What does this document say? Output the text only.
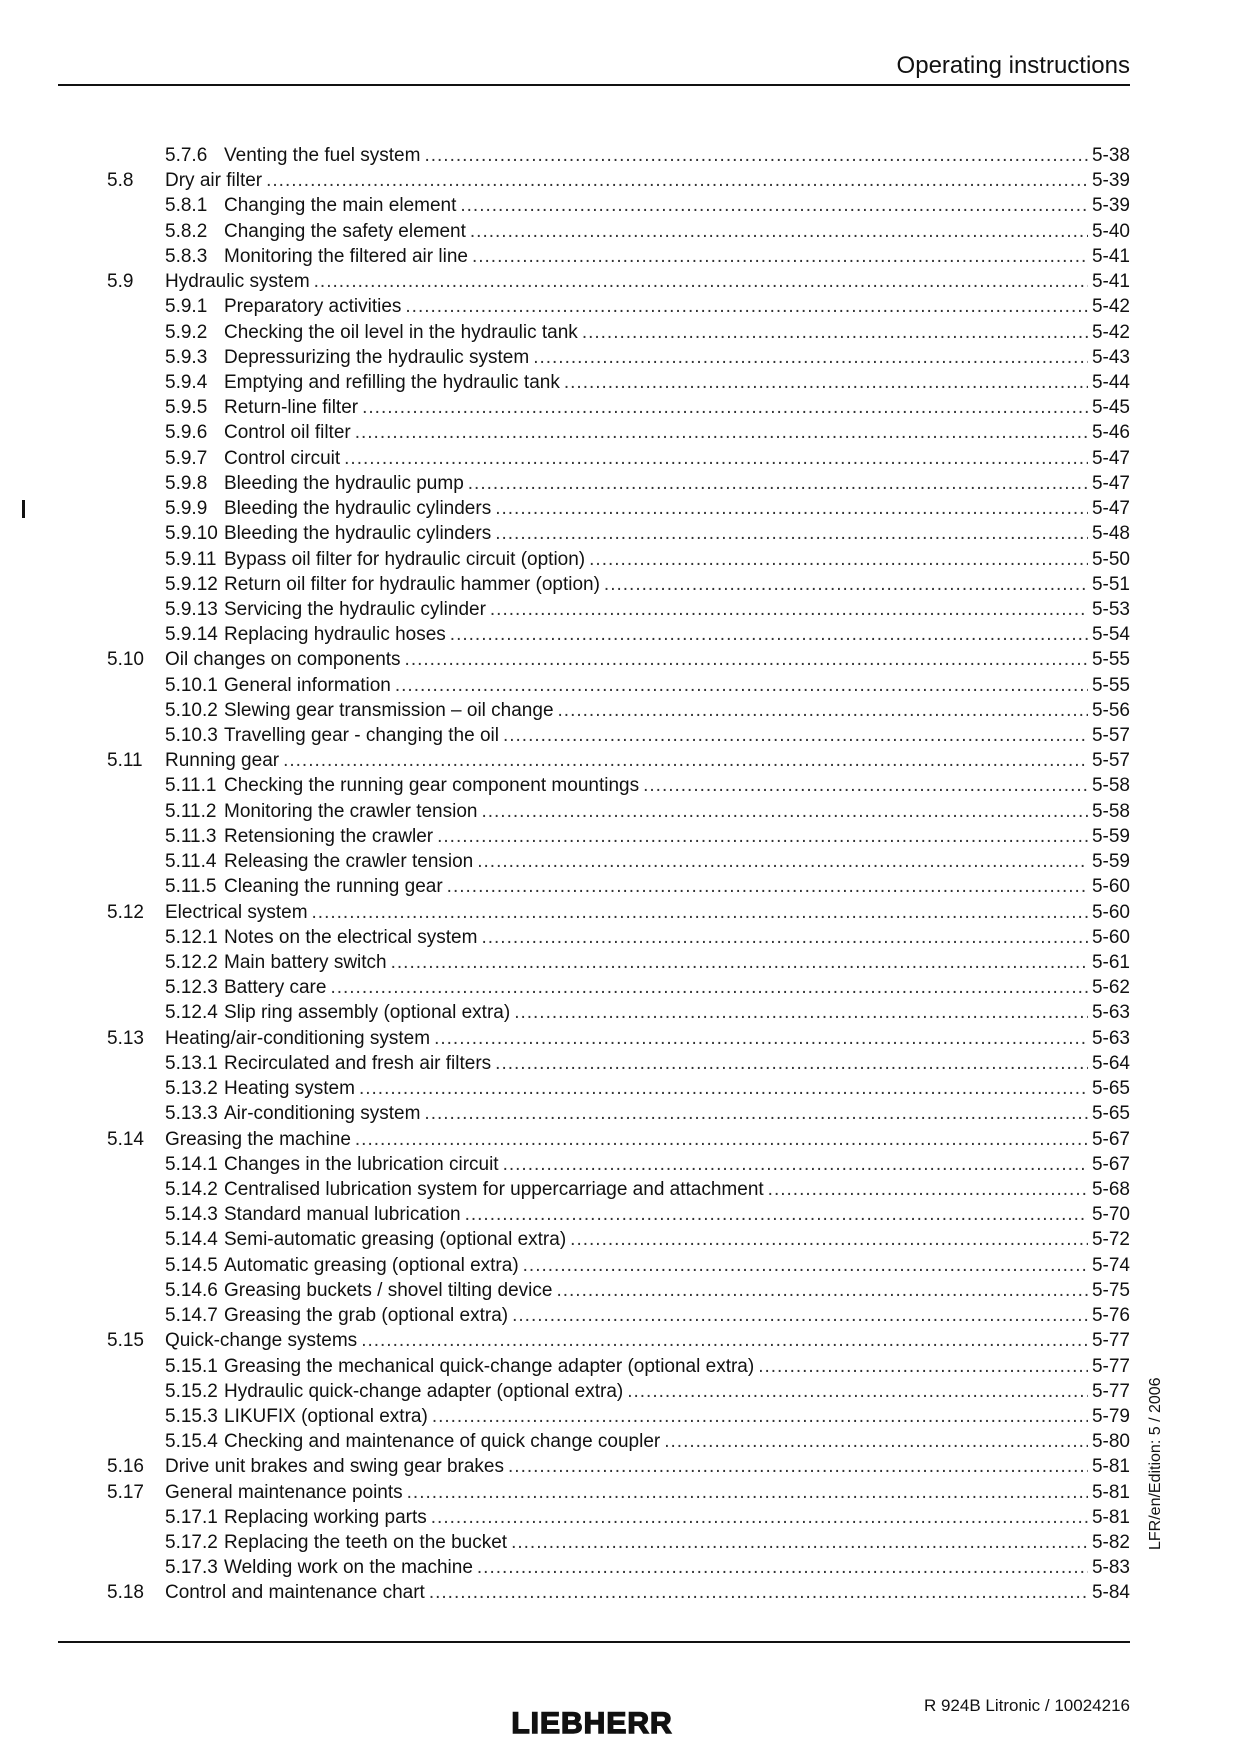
Operating instructions
5.7.6 Venting the fuel system .....	5-38
5.8	Dry air filter .....	5-39
5.8.1 Changing the main element .....	5-39
5.8.2 Changing the safety element .....	5-40
5.8.3 Monitoring the filtered air line .....	5-41
5.9	Hydraulic system .....	5-41
5.9.1 Preparatory activities .....	5-42
5.9.2 Checking the oil level in the hydraulic tank .....	5-42
5.9.3 Depressurizing the hydraulic system .....	5-43
5.9.4 Emptying and refilling the hydraulic tank .....	5-44
5.9.5 Return-line filter .....	5-45
5.9.6 Control oil filter .....	5-46
5.9.7 Control circuit .....	5-47
5.9.8 Bleeding the hydraulic pump .....	5-47
5.9.9 Bleeding the hydraulic cylinders .....	5-47
5.9.10 Bleeding the hydraulic cylinders .....	5-48
5.9.11 Bypass oil filter for hydraulic circuit (option) .....	5-50
5.9.12 Return oil filter for hydraulic hammer (option) .....	5-51
5.9.13 Servicing the hydraulic cylinder .....	5-53
5.9.14 Replacing hydraulic hoses .....	5-54
5.10	Oil changes on components .....	5-55
5.10.1 General information .....	5-55
5.10.2 Slewing gear transmission – oil change .....	5-56
5.10.3 Travelling gear - changing the oil .....	5-57
5.11	Running gear .....	5-57
5.11.1 Checking the running gear component mountings .....	5-58
5.11.2 Monitoring the crawler tension .....	5-58
5.11.3 Retensioning the crawler .....	5-59
5.11.4 Releasing the crawler tension .....	5-59
5.11.5 Cleaning the running gear .....	5-60
5.12	Electrical system .....	5-60
5.12.1 Notes on the electrical system .....	5-60
5.12.2 Main battery switch .....	5-61
5.12.3 Battery care .....	5-62
5.12.4 Slip ring assembly (optional extra) .....	5-63
5.13	Heating/air-conditioning system .....	5-63
5.13.1 Recirculated and fresh air filters .....	5-64
5.13.2 Heating system .....	5-65
5.13.3 Air-conditioning system .....	5-65
5.14	Greasing the machine .....	5-67
5.14.1 Changes in the lubrication circuit .....	5-67
5.14.2 Centralised lubrication system for uppercarriage and attachment .....	5-68
5.14.3 Standard manual lubrication .....	5-70
5.14.4 Semi-automatic greasing (optional extra) .....	5-72
5.14.5 Automatic greasing (optional extra) .....	5-74
5.14.6 Greasing buckets / shovel tilting device .....	5-75
5.14.7 Greasing the grab (optional extra) .....	5-76
5.15	Quick-change systems .....	5-77
5.15.1 Greasing the mechanical quick-change adapter (optional extra) .....	5-77
5.15.2 Hydraulic quick-change adapter (optional extra) .....	5-77
5.15.3 LIKUFIX (optional extra) .....	5-79
5.15.4 Checking and maintenance of quick change coupler .....	5-80
5.16	Drive unit brakes and swing gear brakes .....	5-81
5.17	General maintenance points .....	5-81
5.17.1 Replacing working parts .....	5-81
5.17.2 Replacing the teeth on the bucket .....	5-82
5.17.3 Welding work on the machine .....	5-83
5.18	Control and maintenance chart .....	5-84
LFR/en/Edition: 5 / 2006
R 924B Litronic / 10024216
LIEBHERR
